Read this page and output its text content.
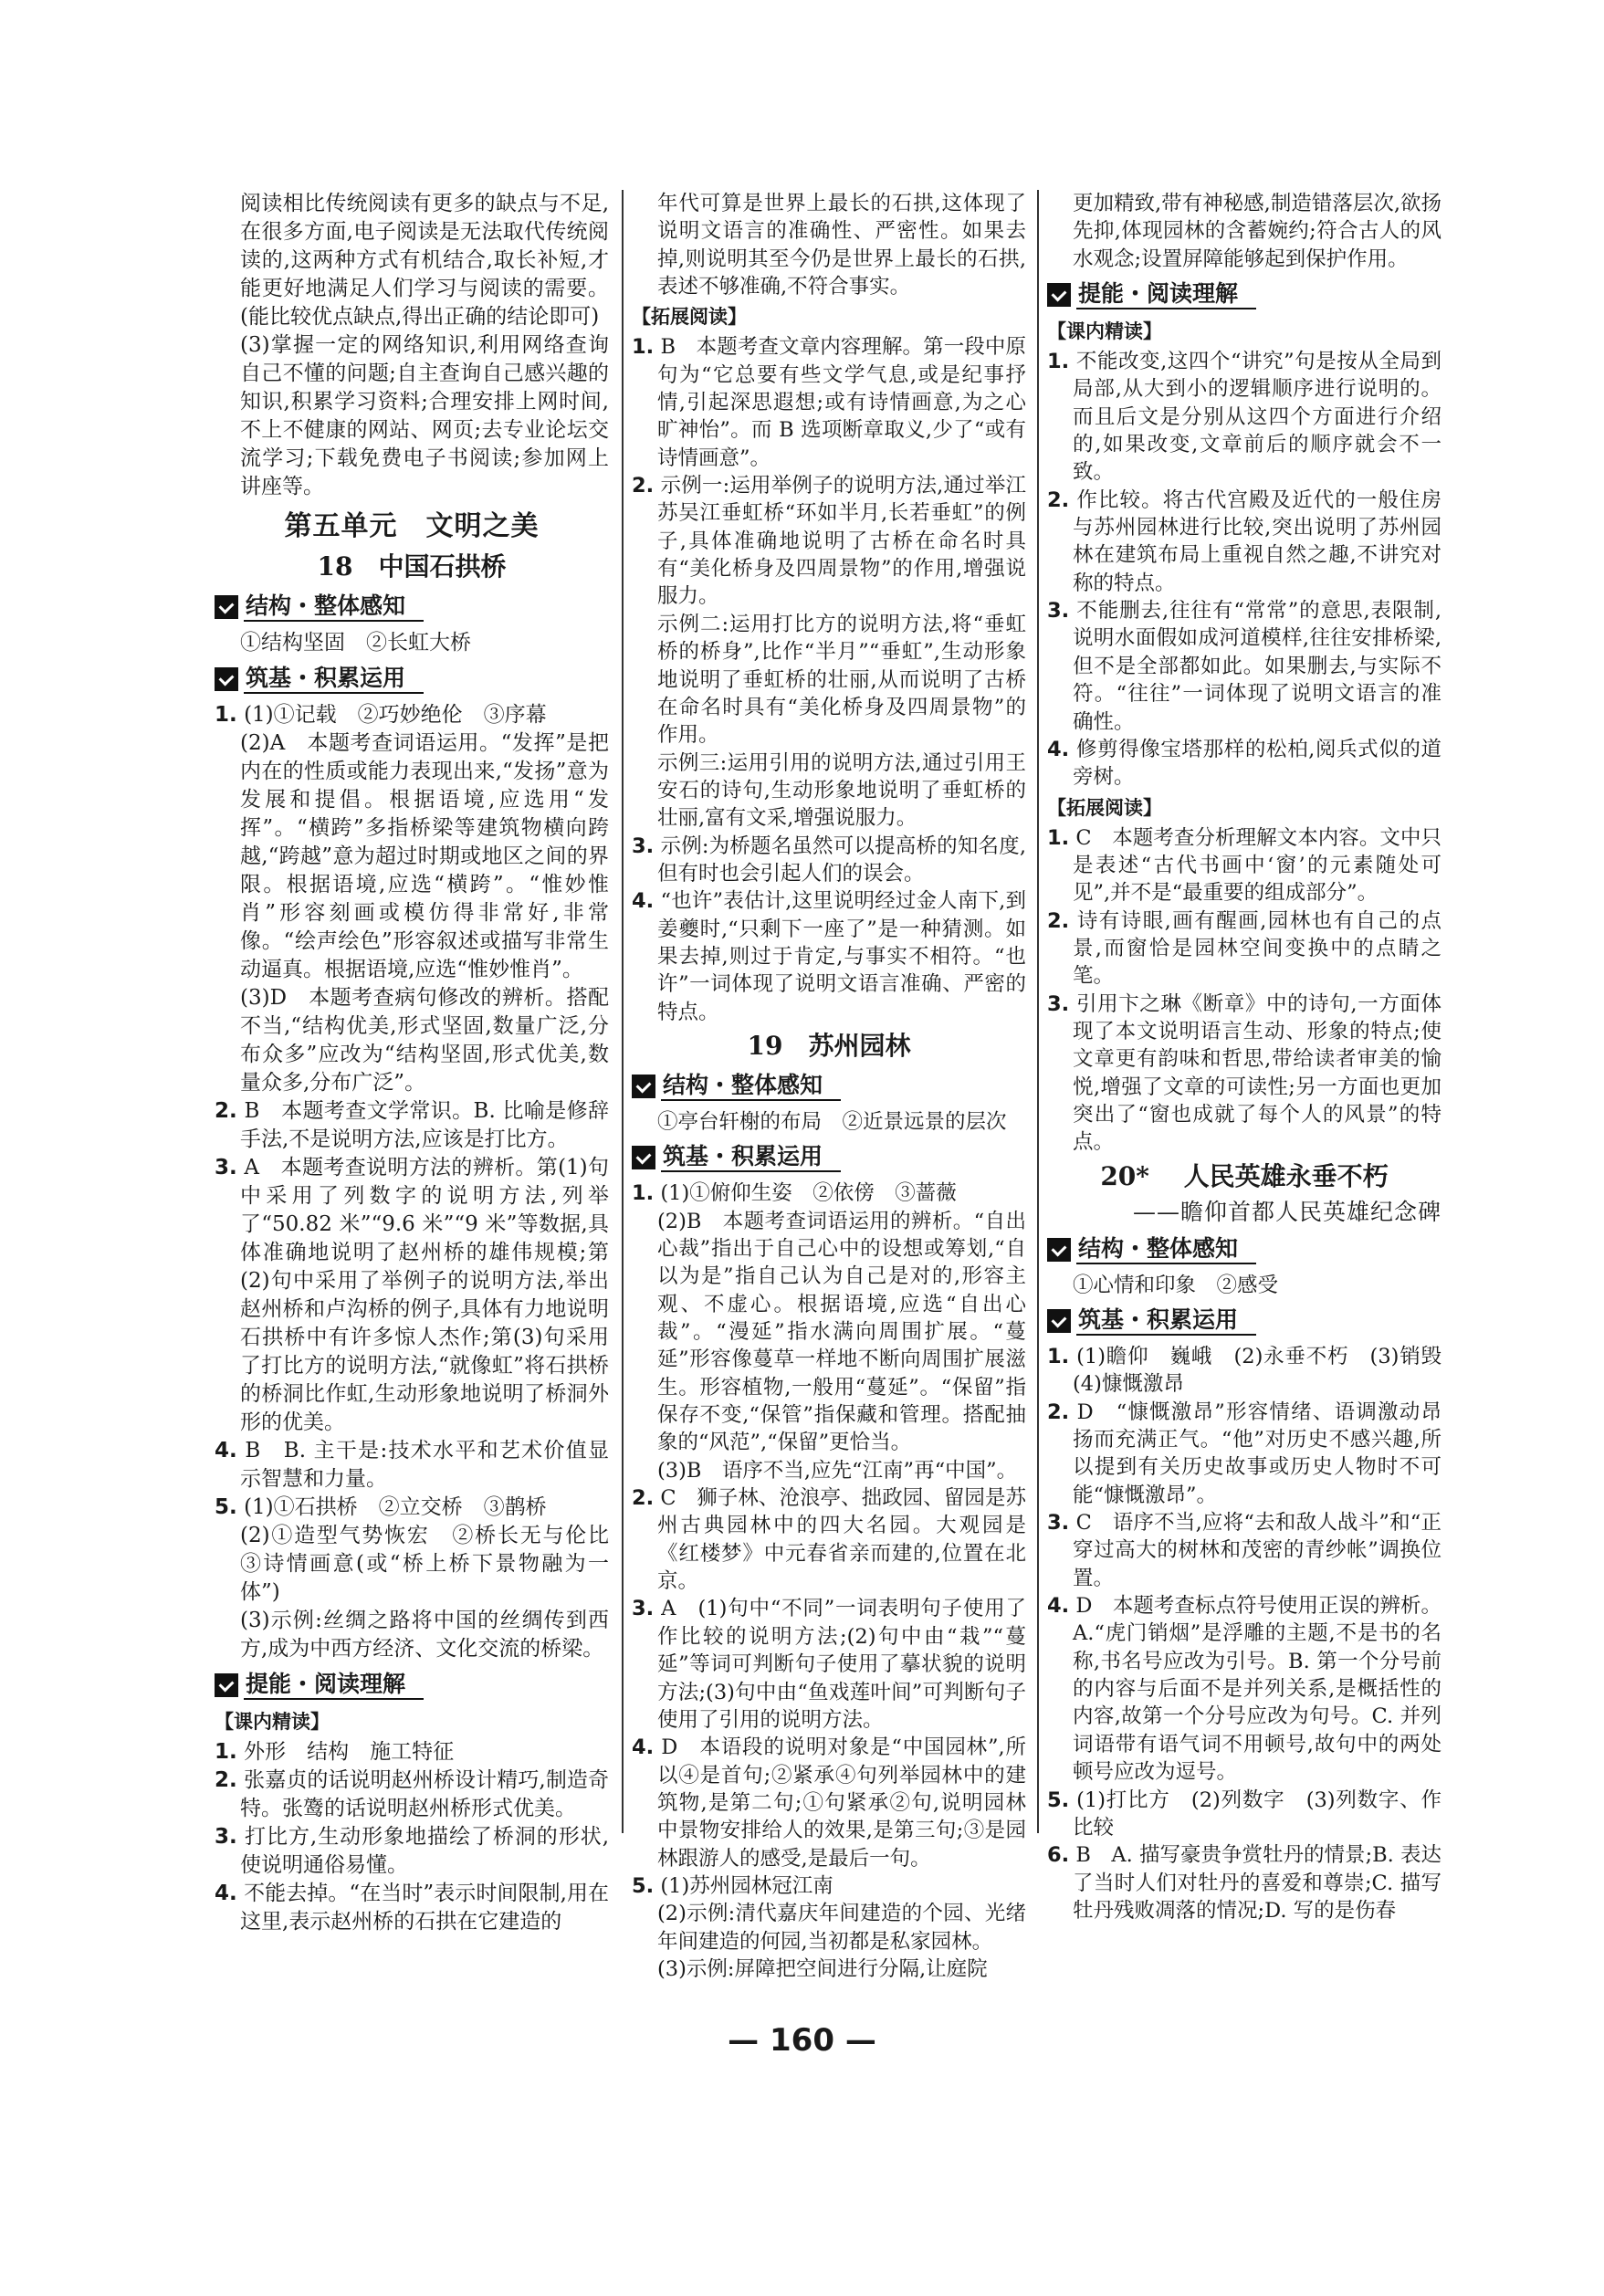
阅读相比传统阅读有更多的缺点与不足,在很多方面,电子阅读是无法取代传统阅读的,这两种方式有机结合,取长补短,才能更好地满足人们学习与阅读的需要。(能比较优点缺点,得出正确的结论即可)

(3)掌握一定的网络知识,利用网络查询自己不懂的问题;自主查询自己感兴趣的知识,积累学习资料;合理安排上网时间,不上不健康的网站、网页;去专业论坛交流学习;下载免费电子书阅读;参加网上讲座等。

第五单元　文明之美
18　中国石拱桥
结构・整体感知

①结构坚固　②长虹大桥

筑基・积累运用

1. (1)①记载　②巧妙绝伦　③序幕

(2)A　本题考查词语运用。“发挥”是把内在的性质或能力表现出来,“发扬”意为发展和提倡。根据语境,应选用“发挥”。“横跨”多指桥梁等建筑物横向跨越,“跨越”意为超过时期或地区之间的界限。根据语境,应选“横跨”。“惟妙惟肖”形容刻画或模仿得非常好,非常像。“绘声绘色”形容叙述或描写非常生动逼真。根据语境,应选“惟妙惟肖”。

(3)D　本题考查病句修改的辨析。搭配不当,“结构优美,形式坚固,数量广泛,分布众多”应改为“结构坚固,形式优美,数量众多,分布广泛”。

2. B　本题考查文学常识。B. 比喻是修辞手法,不是说明方法,应该是打比方。

3. A　本题考查说明方法的辨析。第(1)句中采用了列数字的说明方法,列举了“50.82 米”“9.6 米”“9 米”等数据,具体准确地说明了赵州桥的雄伟规模;第(2)句中采用了举例子的说明方法,举出赵州桥和卢沟桥的例子,具体有力地说明石拱桥中有许多惊人杰作;第(3)句采用了打比方的说明方法,“就像虹”将石拱桥的桥洞比作虹,生动形象地说明了桥洞外形的优美。

4. B　B. 主干是:技术水平和艺术价值显示智慧和力量。

5. (1)①石拱桥　②立交桥　③鹊桥

(2)①造型气势恢宏　②桥长无与伦比　③诗情画意(或“桥上桥下景物融为一体”)

(3)示例:丝绸之路将中国的丝绸传到西方,成为中西方经济、文化交流的桥梁。

提能・阅读理解
【课内精读】

1. 外形　结构　施工特征

2. 张嘉贞的话说明赵州桥设计精巧,制造奇特。张𬸦的话说明赵州桥形式优美。

3. 打比方,生动形象地描绘了桥洞的形状,使说明通俗易懂。

4. 不能去掉。“在当时”表示时间限制,用在这里,表示赵州桥的石拱在它建造的

年代可算是世界上最长的石拱,这体现了说明文语言的准确性、严密性。如果去掉,则说明其至今仍是世界上最长的石拱,表述不够准确,不符合事实。

【拓展阅读】

1. B　本题考查文章内容理解。第一段中原句为“它总要有些文学气息,或是纪事抒情,引起深思遐想;或有诗情画意,为之心旷神怡”。而 B 选项断章取义,少了“或有诗情画意”。

2. 示例一:运用举例子的说明方法,通过举江苏吴江垂虹桥“环如半月,长若垂虹”的例子,具体准确地说明了古桥在命名时具有“美化桥身及四周景物”的作用,增强说服力。

示例二:运用打比方的说明方法,将“垂虹桥的桥身”,比作“半月”“垂虹”,生动形象地说明了垂虹桥的壮丽,从而说明了古桥在命名时具有“美化桥身及四周景物”的作用。

示例三:运用引用的说明方法,通过引用王安石的诗句,生动形象地说明了垂虹桥的壮丽,富有文采,增强说服力。

3. 示例:为桥题名虽然可以提高桥的知名度,但有时也会引起人们的误会。

4. “也许”表估计,这里说明经过金人南下,到姜夔时,“只剩下一座了”是一种猜测。如果去掉,则过于肯定,与事实不相符。“也许”一词体现了说明文语言准确、严密的特点。

19　苏州园林
结构・整体感知

①亭台轩榭的布局　②近景远景的层次

筑基・积累运用

1. (1)①俯仰生姿　②依傍　③蔷薇

(2)B　本题考查词语运用的辨析。“自出心裁”指出于自己心中的设想或筹划,“自以为是”指自己认为自己是对的,形容主观、不虚心。根据语境,应选“自出心裁”。“漫延”指水满向周围扩展。“蔓延”形容像蔓草一样地不断向周围扩展滋生。形容植物,一般用“蔓延”。“保留”指保存不变,“保管”指保藏和管理。搭配抽象的“风范”,“保留”更恰当。

(3)B　语序不当,应先“江南”再“中国”。

2. C　狮子林、沧浪亭、拙政园、留园是苏州古典园林中的四大名园。大观园是《红楼梦》中元春省亲而建的,位置在北京。

3. A　(1)句中“不同”一词表明句子使用了作比较的说明方法;(2)句中由“栽”“蔓延”等词可判断句子使用了摹状貌的说明方法;(3)句中由“鱼戏莲叶间”可判断句子使用了引用的说明方法。

4. D　本语段的说明对象是“中国园林”,所以④是首句;②紧承④句列举园林中的建筑物,是第二句;①句紧承②句,说明园林中景物安排给人的效果,是第三句;③是园林跟游人的感受,是最后一句。

5. (1)苏州园林冠江南

(2)示例:清代嘉庆年间建造的个园、光绪年间建造的何园,当初都是私家园林。

(3)示例:屏障把空间进行分隔,让庭院

更加精致,带有神秘感,制造错落层次,欲扬先抑,体现园林的含蓄婉约;符合古人的风水观念;设置屏障能够起到保护作用。

提能・阅读理解
【课内精读】

1. 不能改变,这四个“讲究”句是按从全局到局部,从大到小的逻辑顺序进行说明的。而且后文是分别从这四个方面进行介绍的,如果改变,文章前后的顺序就会不一致。

2. 作比较。将古代宫殿及近代的一般住房与苏州园林进行比较,突出说明了苏州园林在建筑布局上重视自然之趣,不讲究对称的特点。

3. 不能删去,往往有“常常”的意思,表限制,说明水面假如成河道模样,往往安排桥梁,但不是全部都如此。如果删去,与实际不符。“往往”一词体现了说明文语言的准确性。

4. 修剪得像宝塔那样的松柏,阅兵式似的道旁树。

【拓展阅读】

1. C　本题考查分析理解文本内容。文中只是表述“古代书画中‘窗’的元素随处可见”,并不是“最重要的组成部分”。

2. 诗有诗眼,画有醒画,园林也有自己的点景,而窗恰是园林空间变换中的点睛之笔。

3. 引用卞之琳《断章》中的诗句,一方面体现了本文说明语言生动、形象的特点;使文章更有韵味和哲思,带给读者审美的愉悦,增强了文章的可读性;另一方面也更加突出了“窗也成就了每个人的风景”的特点。

20* 　人民英雄永垂不朽
——瞻仰首都人民英雄纪念碑
结构・整体感知

①心情和印象　②感受

筑基・积累运用

1. (1)瞻仰　巍峨　(2)永垂不朽　(3)销毁　(4)慷慨激昂

2. D　“慷慨激昂”形容情绪、语调激动昂扬而充满正气。“他”对历史不感兴趣,所以提到有关历史故事或历史人物时不可能“慷慨激昂”。

3. C　语序不当,应将“去和敌人战斗”和“正穿过高大的树林和茂密的青纱帐”调换位置。

4. D　本题考查标点符号使用正误的辨析。A.“虎门销烟”是浮雕的主题,不是书的名称,书名号应改为引号。B. 第一个分号前的内容与后面不是并列关系,是概括性的内容,故第一个分号应改为句号。C. 并列词语带有语气词不用顿号,故句中的两处顿号应改为逗号。

5. (1)打比方　(2)列数字　(3)列数字、作比较

6. B　A. 描写豪贵争赏牡丹的情景;B. 表达了当时人们对牡丹的喜爱和尊崇;C. 描写牡丹残败凋落的情况;D. 写的是伤春

— 160 —
